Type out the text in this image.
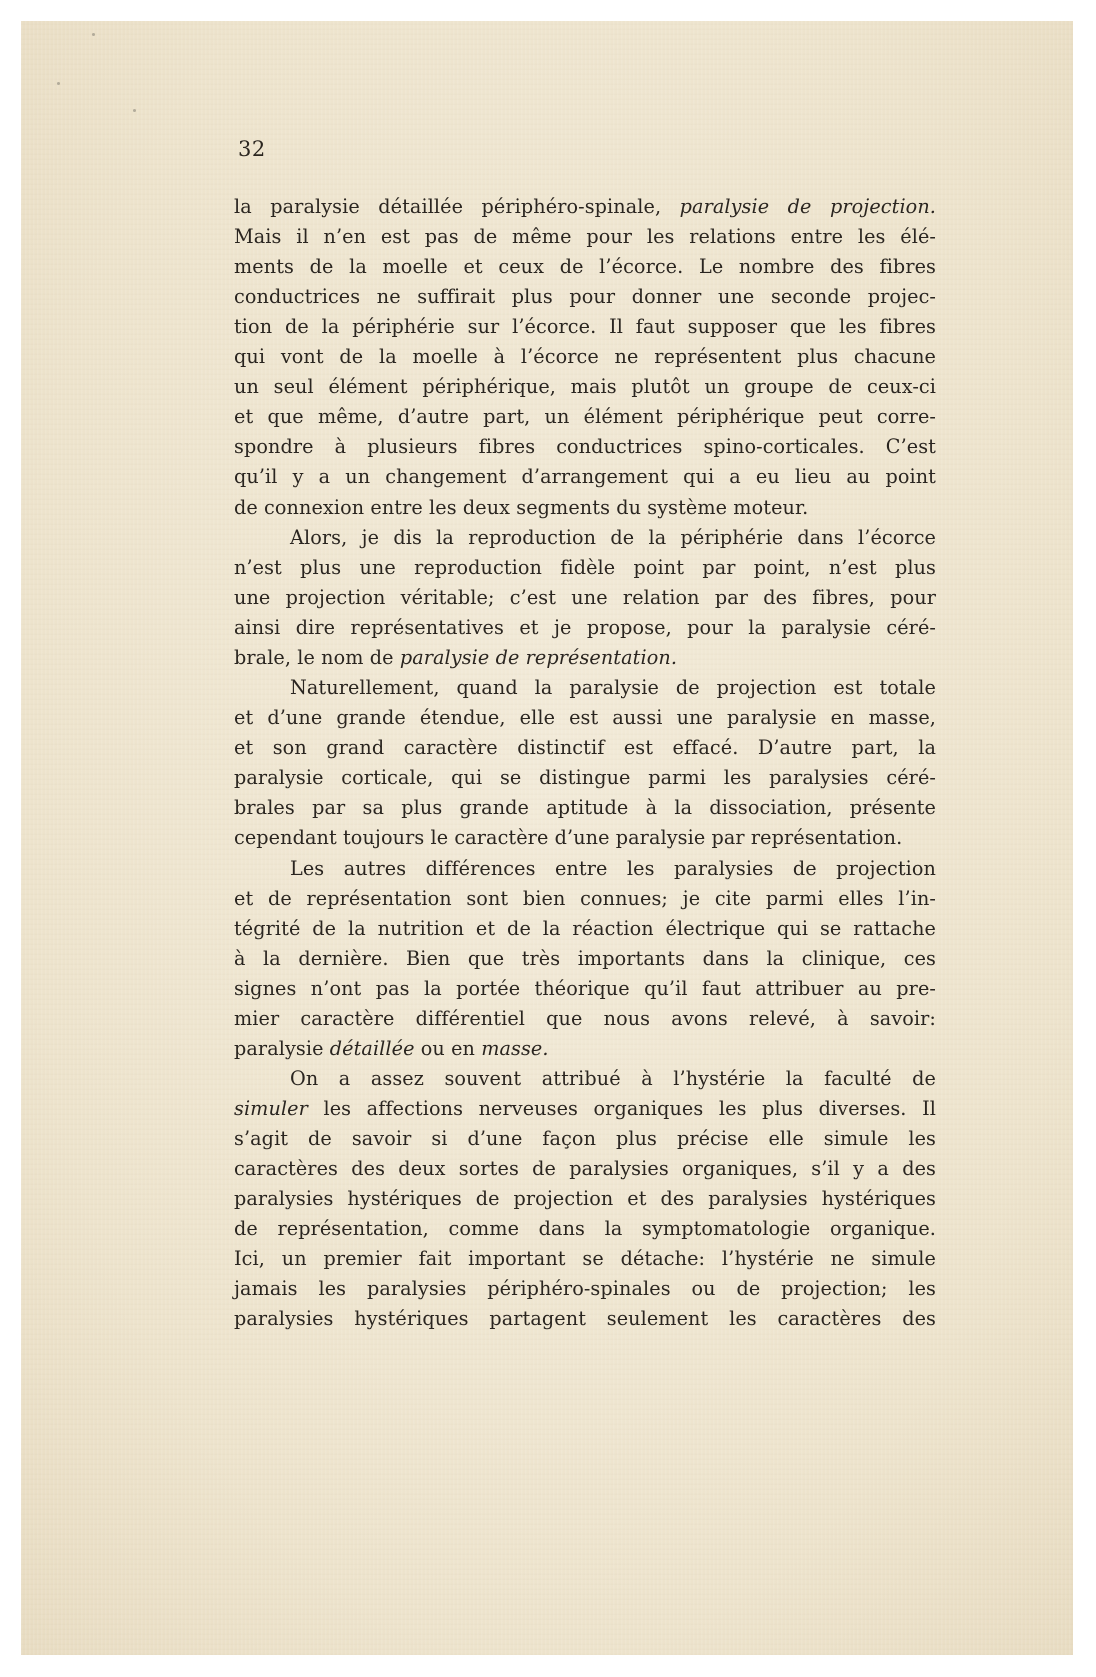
32
la paralysie détaillée périphéro-spinale, paralysie de projection.
Mais il n’en est pas de même pour les relations entre les élé-
ments de la moelle et ceux de l’écorce. Le nombre des fibres
conductrices ne suffirait plus pour donner une seconde projec-
tion de la périphérie sur l’écorce. Il faut supposer que les fibres
qui vont de la moelle à l’écorce ne représentent plus chacune
un seul élément périphérique, mais plutôt un groupe de ceux-ci
et que même, d’autre part, un élément périphérique peut corre-
spondre à plusieurs fibres conductrices spino-corticales. C’est
qu’il y a un changement d’arrangement qui a eu lieu au point
de connexion entre les deux segments du système moteur.
Alors, je dis la reproduction de la périphérie dans l’écorce
n’est plus une reproduction fidèle point par point, n’est plus
une projection véritable; c’est une relation par des fibres, pour
ainsi dire représentatives et je propose, pour la paralysie céré-
brale, le nom de paralysie de représentation.
Naturellement, quand la paralysie de projection est totale
et d’une grande étendue, elle est aussi une paralysie en masse,
et son grand caractère distinctif est effacé. D’autre part, la
paralysie corticale, qui se distingue parmi les paralysies céré-
brales par sa plus grande aptitude à la dissociation, présente
cependant toujours le caractère d’une paralysie par représentation.
Les autres différences entre les paralysies de projection
et de représentation sont bien connues; je cite parmi elles l’in-
tégrité de la nutrition et de la réaction électrique qui se rattache
à la dernière. Bien que très importants dans la clinique, ces
signes n’ont pas la portée théorique qu’il faut attribuer au pre-
mier caractère différentiel que nous avons relevé, à savoir:
paralysie détaillée ou en masse.
On a assez souvent attribué à l’hystérie la faculté de
simuler les affections nerveuses organiques les plus diverses. Il
s’agit de savoir si d’une façon plus précise elle simule les
caractères des deux sortes de paralysies organiques, s’il y a des
paralysies hystériques de projection et des paralysies hystériques
de représentation, comme dans la symptomatologie organique.
Ici, un premier fait important se détache: l’hystérie ne simule
jamais les paralysies périphéro-spinales ou de projection; les
paralysies hystériques partagent seulement les caractères des
